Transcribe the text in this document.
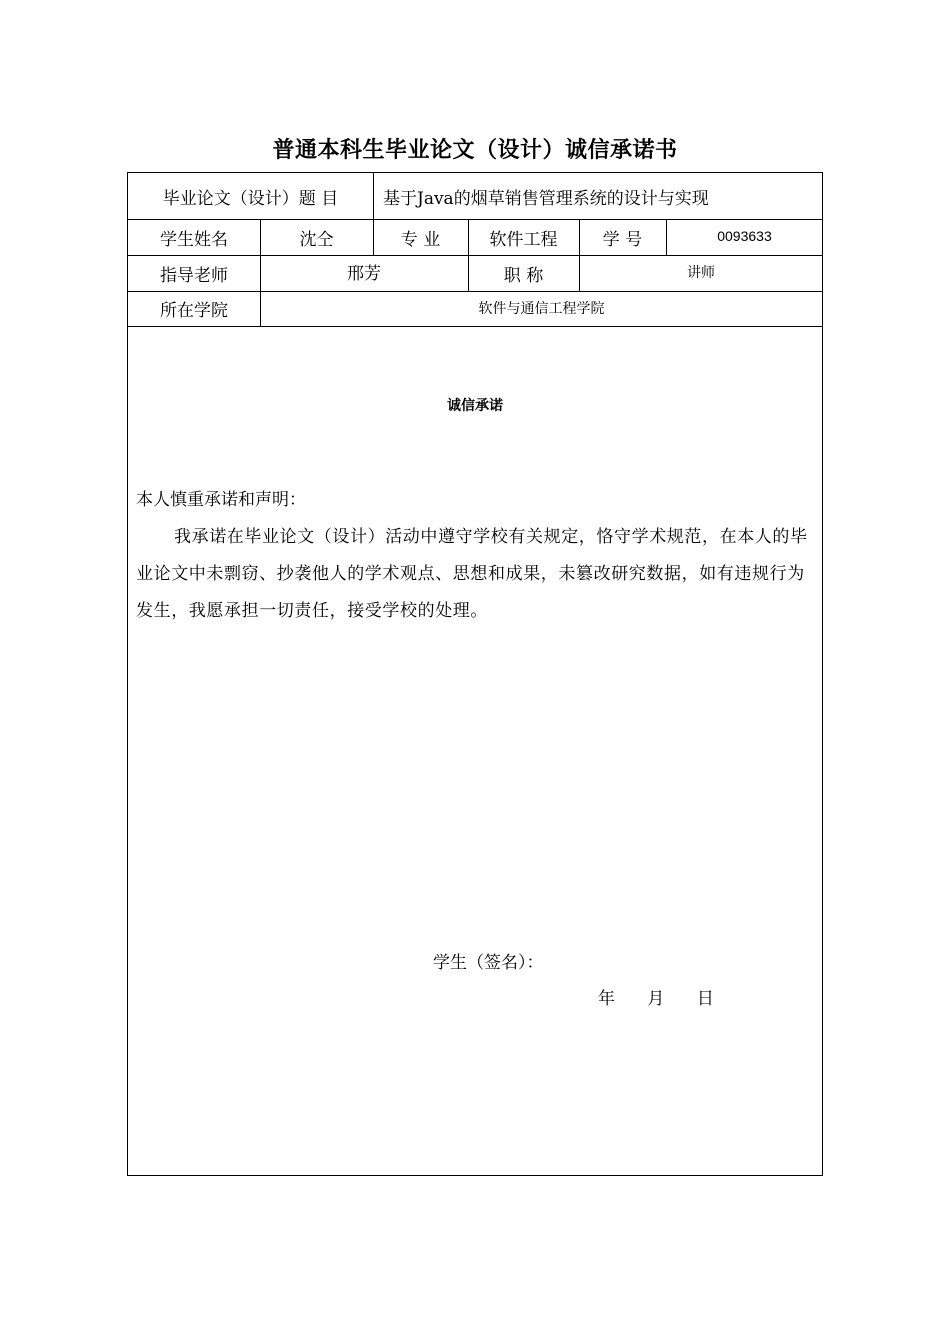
普通本科生毕业论文（设计）诚信承诺书
毕业论文（设计）题 目	基于Java的烟草销售管理系统的设计与实现
学生姓名	沈仝	专 业	软件工程	学 号	0093633
指导老师	邢芳	职 称	讲师
所在学院	软件与通信工程学院
诚信承诺
本人慎重承诺和声明：
我承诺在毕业论文（设计）活动中遵守学校有关规定，恪守学术规范，在本人的毕业论文中未剽窃、抄袭他人的学术观点、思想和成果，未篡改研究数据，如有违规行为发生，我愿承担一切责任，接受学校的处理。
学生（签名）：
年      月      日
